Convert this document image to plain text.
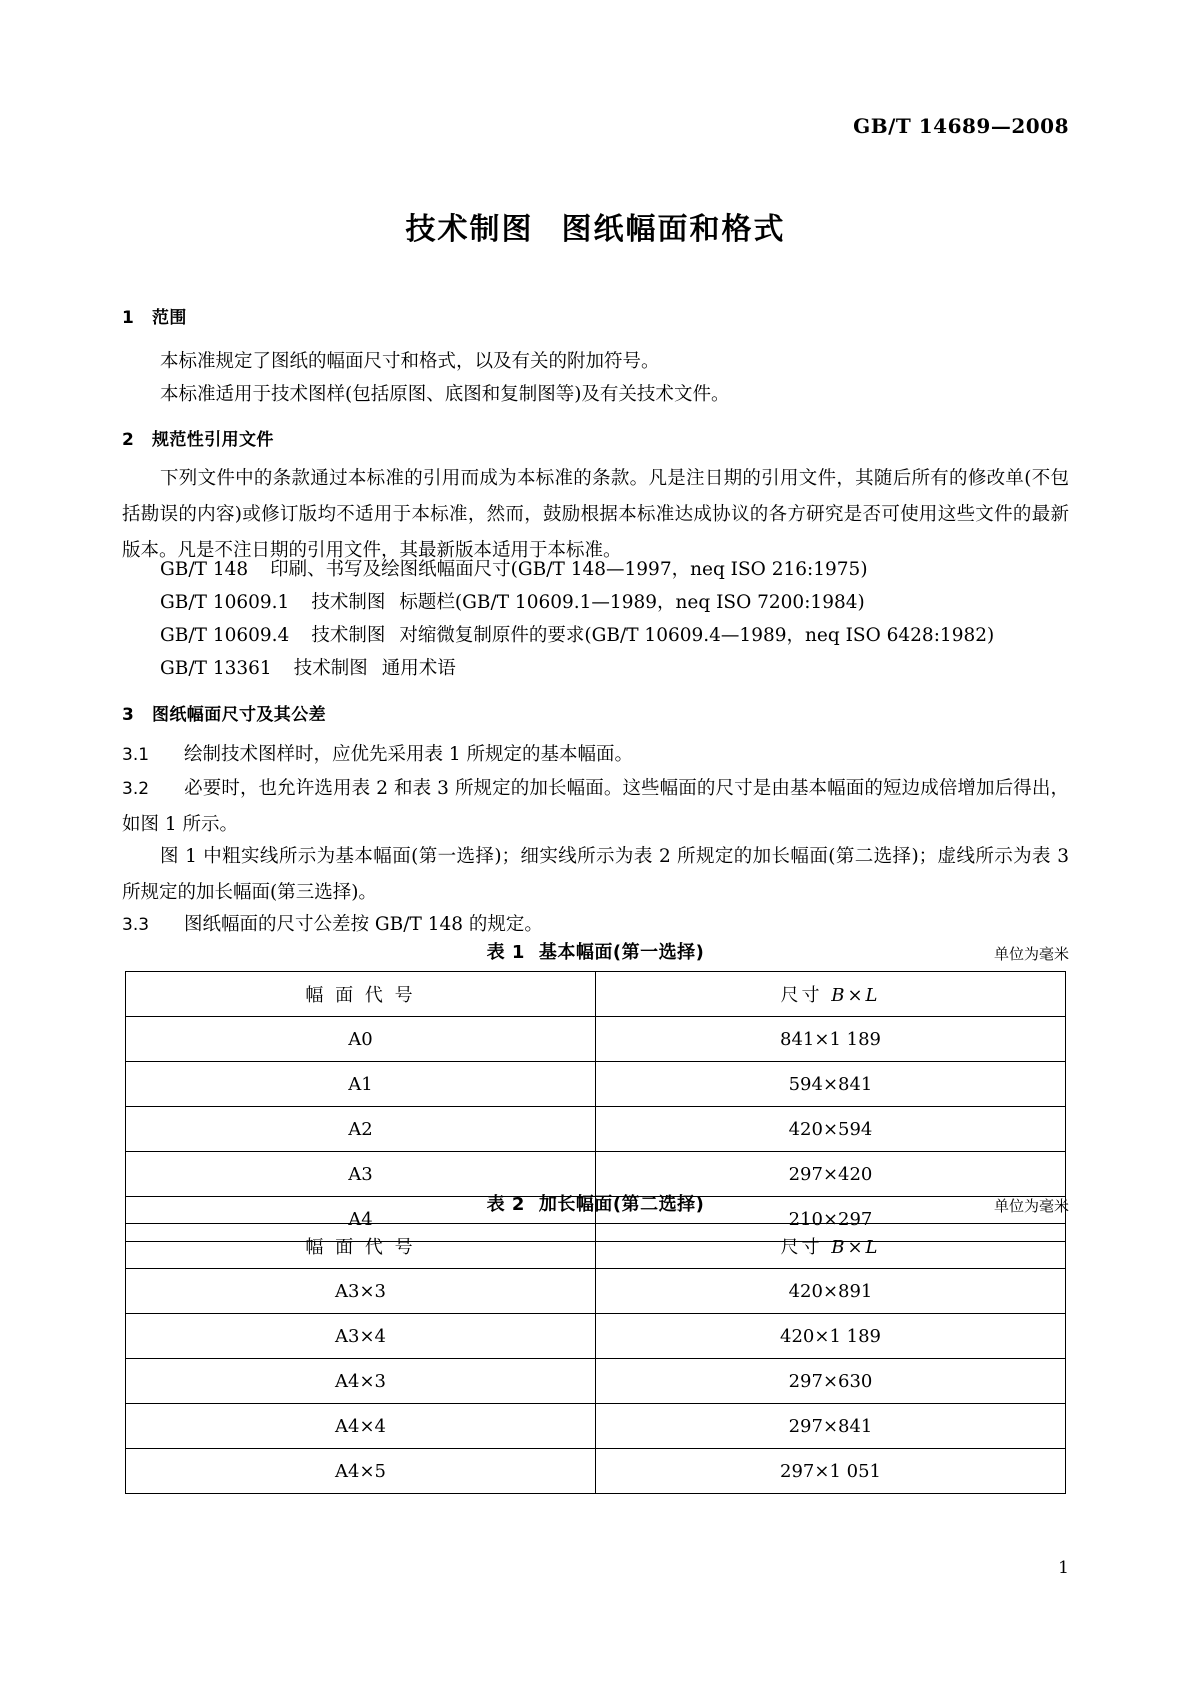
GB/T 14689—2008
技术制图 图纸幅面和格式
1 范围
本标准规定了图纸的幅面尺寸和格式，以及有关的附加符号。
本标准适用于技术图样(包括原图、底图和复制图等)及有关技术文件。
2 规范性引用文件
下列文件中的条款通过本标准的引用而成为本标准的条款。凡是注日期的引用文件，其随后所有的修改单(不包括勘误的内容)或修订版均不适用于本标准，然而，鼓励根据本标准达成协议的各方研究是否可使用这些文件的最新版本。凡是不注日期的引用文件，其最新版本适用于本标准。
GB/T 148 印刷、书写及绘图纸幅面尺寸(GB/T 148—1997，neq ISO 216:1975)
GB/T 10609.1 技术制图 标题栏(GB/T 10609.1—1989，neq ISO 7200:1984)
GB/T 10609.4 技术制图 对缩微复制原件的要求(GB/T 10609.4—1989，neq ISO 6428:1982)
GB/T 13361 技术制图 通用术语
3 图纸幅面尺寸及其公差
3.1 绘制技术图样时，应优先采用表 1 所规定的基本幅面。
3.2 必要时，也允许选用表 2 和表 3 所规定的加长幅面。这些幅面的尺寸是由基本幅面的短边成倍增加后得出，如图 1 所示。
图 1 中粗实线所示为基本幅面(第一选择)；细实线所示为表 2 所规定的加长幅面(第二选择)；虚线所示为表 3 所规定的加长幅面(第三选择)。
3.3 图纸幅面的尺寸公差按 GB/T 148 的规定。
表 1 基本幅面(第一选择)	单位为毫米
幅 面 代 号	尺寸 B×L
A0	841×1 189
A1	594×841
A2	420×594
A3	297×420
A4	210×297
表 2 加长幅面(第二选择)	单位为毫米
幅 面 代 号	尺寸 B×L
A3×3	420×891
A3×4	420×1 189
A4×3	297×630
A4×4	297×841
A4×5	297×1 051
1
